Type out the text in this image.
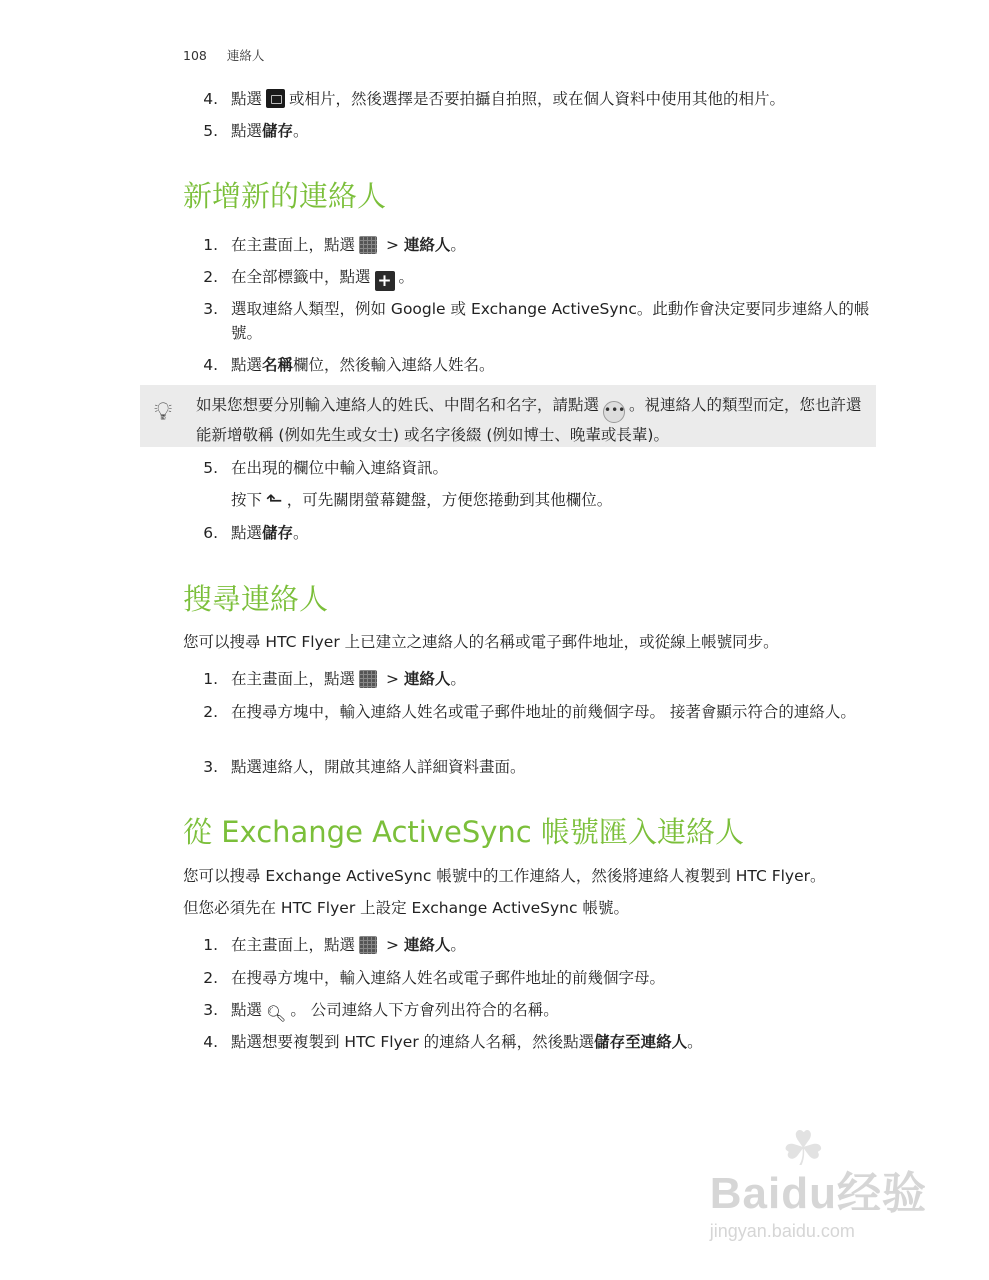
108 連絡人
4. 點選 或相片，然後選擇是否要拍攝自拍照，或在個人資料中使用其他的相片。
5. 點選儲存。
新增新的連絡人
1. 在主畫面上，點選 > 連絡人。
2. 在全部標籤中，點選 + 。
3. 選取連絡人類型，例如 Google 或 Exchange ActiveSync。此動作會決定要同步連絡人的帳號。
4. 點選名稱欄位，然後輸入連絡人姓名。
💡︎ 如果您想要分別輸入連絡人的姓氏、中間名和名字，請點選 ••• 。視連絡人的類型而定，您也許還能新增敬稱 (例如先生或女士) 或名字後綴 (例如博士、晚輩或長輩)。
5. 在出現的欄位中輸入連絡資訊。
按下 ⬑ ，可先關閉螢幕鍵盤，方便您捲動到其他欄位。
6. 點選儲存。
搜尋連絡人
您可以搜尋 HTC Flyer 上已建立之連絡人的名稱或電子郵件地址，或從線上帳號同步。
1. 在主畫面上，點選 > 連絡人。
2. 在搜尋方塊中，輸入連絡人姓名或電子郵件地址的前幾個字母。 接著會顯示符合的連絡人。
3. 點選連絡人，開啟其連絡人詳細資料畫面。
從 Exchange ActiveSync 帳號匯入連絡人
您可以搜尋 Exchange ActiveSync 帳號中的工作連絡人，然後將連絡人複製到 HTC Flyer。
但您必須先在 HTC Flyer 上設定 Exchange ActiveSync 帳號。
1. 在主畫面上，點選 > 連絡人。
2. 在搜尋方塊中，輸入連絡人姓名或電子郵件地址的前幾個字母。
3. 點選 🔍︎ 。 公司連絡人下方會列出符合的名稱。
4. 點選想要複製到 HTC Flyer 的連絡人名稱，然後點選儲存至連絡人。
☘
Baidu经验
jingyan.baidu.com
